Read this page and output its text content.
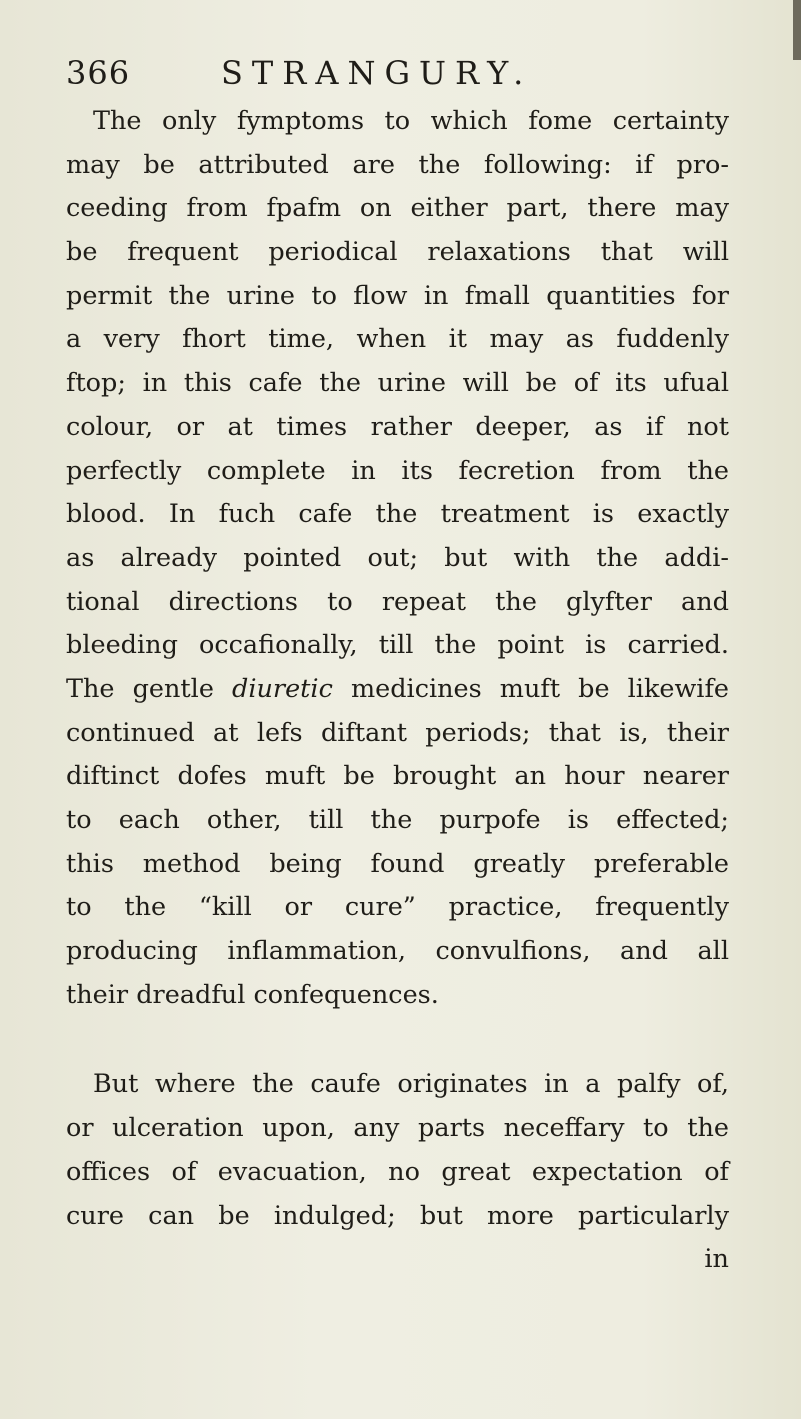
366	STRANGURY.
The only fymptoms to which fome certainty
may be attributed are the following: if pro-
ceeding from fpafm on either part, there may
be frequent periodical relaxations that will
permit the urine to flow in fmall quantities for
a very fhort time, when it may as fuddenly
ftop; in this cafe the urine will be of its ufual
colour, or at times rather deeper, as if not
perfectly complete in its fecretion from the
blood. In fuch cafe the treatment is exactly
as already pointed out; but with the addi-
tional directions to repeat the glyfter and
bleeding occafionally, till the point is carried.
The gentle diuretic medicines muft be likewife
continued at lefs diftant periods; that is, their
diftinct dofes muft be brought an hour nearer
to each other, till the purpofe is effected;
this method being found greatly preferable
to the “kill or cure” practice, frequently
producing inflammation, convulfions, and all
their dreadful confequences.
But where the caufe originates in a palfy of,
or ulceration upon, any parts neceffary to the
offices of evacuation, no great expectation of
cure can be indulged; but more particularly
in
